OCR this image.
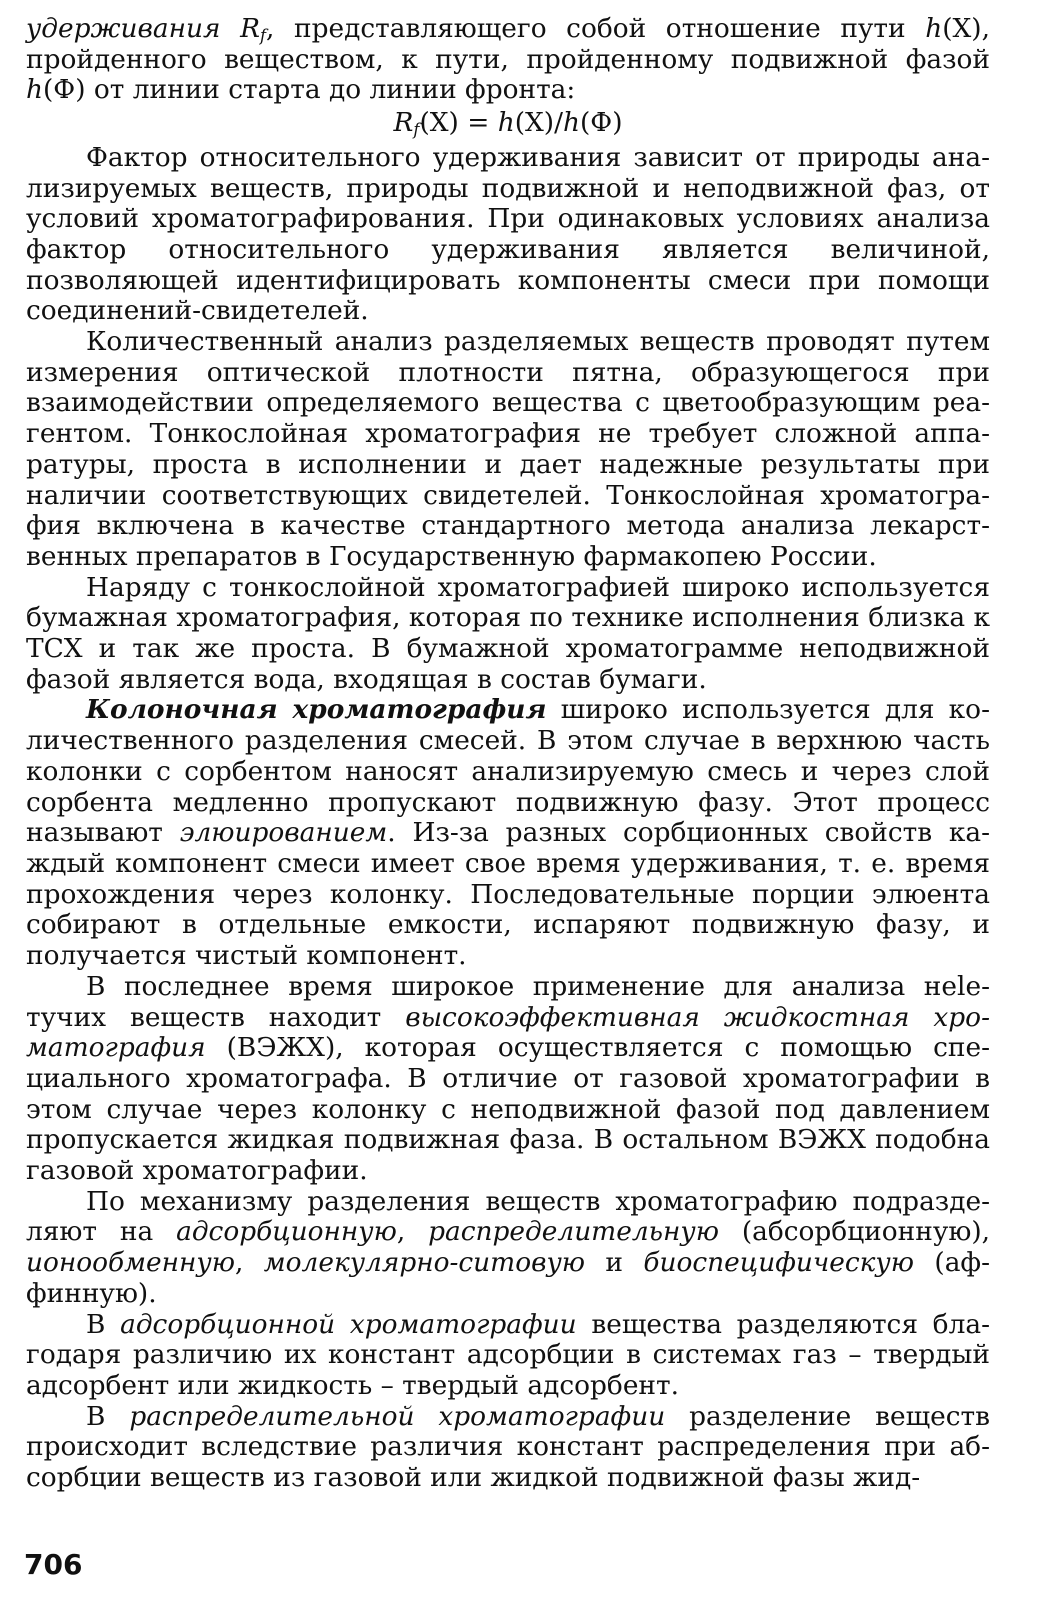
удерживания $R_f$, представляющего собой отношение пути h(X), пройденного веществом, к пути, пройденному подвижной фазой h(Ф) от линии старта до линии фронта:

$R_f(X) = h(X)/h(Ф)$

Фактор относительного удерживания зависит от природы анализируемых веществ, природы подвижной и неподвижной фаз, от условий хроматографирования. При одинаковых условиях анализа фактор относительного удерживания является величиной, позволяющей идентифицировать компоненты смеси при помощи соединений-свидетелей.

Количественный анализ разделяемых веществ проводят путем измерения оптической плотности пятна, образующегося при взаимодействии определяемого вещества с цветообразующим реагентом. Тонкослойная хроматография не требует сложной аппаратуры, проста в исполнении и дает надежные результаты при наличии соответствующих свидетелей. Тонкослойная хроматография включена в качестве стандартного метода анализа лекарственных препаратов в Государственную фармакопею России.

Наряду с тонкослойной хроматографией широко используется бумажная хроматография, которая по технике исполнения близка к ТСХ и так же проста. В бумажной хроматограмме неподвижной фазой является вода, входящая в состав бумаги.

Колоночная хроматография широко используется для количественного разделения смесей. В этом случае в верхнюю часть колонки с сорбентом наносят анализируемую смесь и через слой сорбента медленно пропускают подвижную фазу. Этот процесс называют элюированием. Из-за разных сорбционных свойств каждый компонент смеси имеет свое время удерживания, т. е. время прохождения через колонку. Последовательные порции элюента собирают в отдельные емкости, испаряют подвижную фазу, и получается чистый компонент.

В последнее время широкое применение для анализа нeleтучих веществ находит высокоэффективная жидкостная хроматография (ВЭЖХ), которая осуществляется с помощью специального хроматографа. В отличие от газовой хроматографии в этом случае через колонку с неподвижной фазой под давлением пропускается жидкая подвижная фаза. В остальном ВЭЖХ подобна газовой хроматографии.

По механизму разделения веществ хроматографию подразделяют на адсорбционную, распределительную (абсорбционную), ионообменную, молекулярно-ситовую и биоспецифическую (аффинную).

В адсорбционной хроматографии вещества разделяются благодаря различию их констант адсорбции в системах газ – твердый адсорбент или жидкость – твердый адсорбент.

В распределительной хроматографии разделение веществ происходит вследствие различия констант распределения при абсорбции веществ из газовой или жидкой подвижной фазы жид-

706
